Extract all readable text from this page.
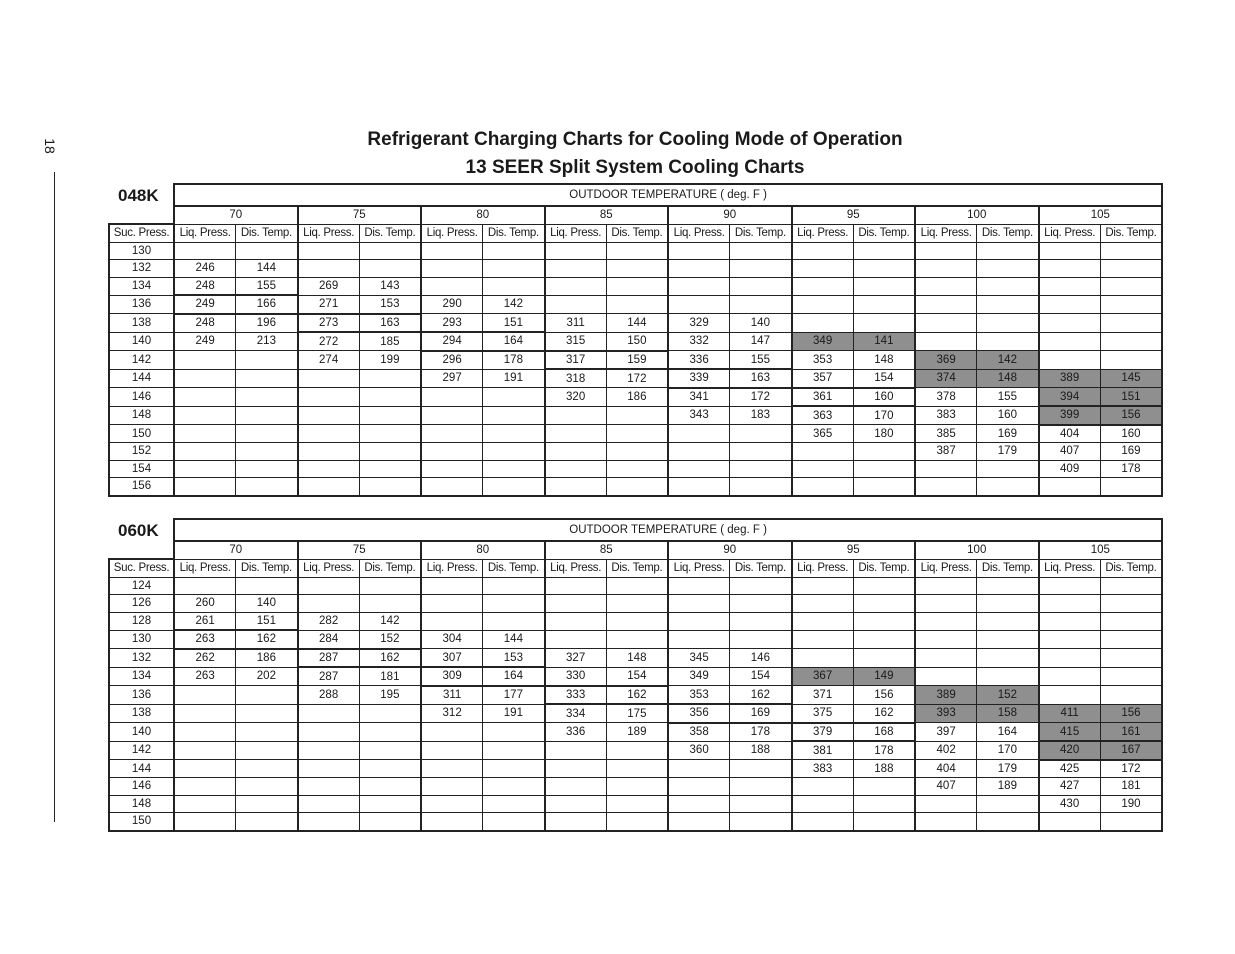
18	Refrigerant Charging Charts for Cooling Mode of Operation
13 SEER Split System Cooling Charts
048K
		OUTDOOR TEMPERATURE ( deg. F )															
	70		75		80		85		90		95		100		105	
Suc. Press.	Liq. Press.	Dis. Temp.	Liq. Press.	Dis. Temp.	Liq. Press.	Dis. Temp.	Liq. Press.	Dis. Temp.	Liq. Press.	Dis. Temp.	Liq. Press.	Dis. Temp.	Liq. Press.	Dis. Temp.	Liq. Press.	Dis. Temp.
130																
132	246	144														
134	248	155	269	143												
136	249	166	271	153	290	142										
138	248	196	273	163	293	151	311	144	329	140						
140	249	213	272	185	294	164	315	150	332	147	349	141				
142			274	199	296	178	317	159	336	155	353	148	369	142		
144					297	191	318	172	339	163	357	154	374	148	389	145
146							320	186	341	172	361	160	378	155	394	151
148									343	183	363	170	383	160	399	156
150											365	180	385	169	404	160
152													387	179	407	169
154															409	178
156																
060K
		OUTDOOR TEMPERATURE ( deg. F )															
	70		75		80		85		90		95		100		105	
Suc. Press.	Liq. Press.	Dis. Temp.	Liq. Press.	Dis. Temp.	Liq. Press.	Dis. Temp.	Liq. Press.	Dis. Temp.	Liq. Press.	Dis. Temp.	Liq. Press.	Dis. Temp.	Liq. Press.	Dis. Temp.	Liq. Press.	Dis. Temp.
124																
126	260	140														
128	261	151	282	142												
130	263	162	284	152	304	144										
132	262	186	287	162	307	153	327	148	345	146						
134	263	202	287	181	309	164	330	154	349	154	367	149				
136			288	195	311	177	333	162	353	162	371	156	389	152		
138					312	191	334	175	356	169	375	162	393	158	411	156
140							336	189	358	178	379	168	397	164	415	161
142									360	188	381	178	402	170	420	167
144											383	188	404	179	425	172
146													407	189	427	181
148															430	190
150																
